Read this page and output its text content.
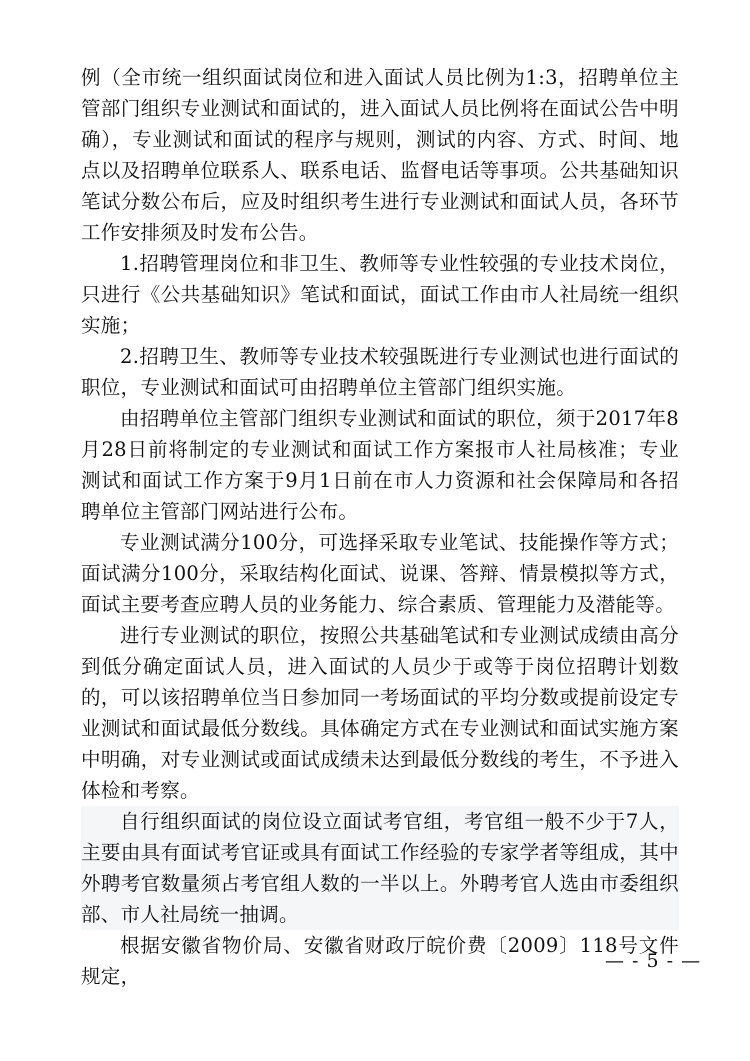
例（全市统一组织面试岗位和进入面试人员比例为1:3，招聘单位主管部门组织专业测试和面试的，进入面试人员比例将在面试公告中明确），专业测试和面试的程序与规则，测试的内容、方式、时间、地点以及招聘单位联系人、联系电话、监督电话等事项。公共基础知识笔试分数公布后，应及时组织考生进行专业测试和面试人员，各环节工作安排须及时发布公告。

1.招聘管理岗位和非卫生、教师等专业性较强的专业技术岗位，只进行《公共基础知识》笔试和面试，面试工作由市人社局统一组织实施；

2.招聘卫生、教师等专业技术较强既进行专业测试也进行面试的职位，专业测试和面试可由招聘单位主管部门组织实施。

由招聘单位主管部门组织专业测试和面试的职位，须于2017年8月28日前将制定的专业测试和面试工作方案报市人社局核准；专业测试和面试工作方案于9月1日前在市人力资源和社会保障局和各招聘单位主管部门网站进行公布。

专业测试满分100分，可选择采取专业笔试、技能操作等方式；面试满分100分，采取结构化面试、说课、答辩、情景模拟等方式，面试主要考查应聘人员的业务能力、综合素质、管理能力及潜能等。

进行专业测试的职位，按照公共基础笔试和专业测试成绩由高分到低分确定面试人员，进入面试的人员少于或等于岗位招聘计划数的，可以该招聘单位当日参加同一考场面试的平均分数或提前设定专业测试和面试最低分数线。具体确定方式在专业测试和面试实施方案中明确，对专业测试或面试成绩未达到最低分数线的考生，不予进入体检和考察。

自行组织面试的岗位设立面试考官组，考官组一般不少于7人，主要由具有面试考官证或具有面试工作经验的专家学者等组成，其中外聘考官数量须占考官组人数的一半以上。外聘考官人选由市委组织部、市人社局统一抽调。

根据安徽省物价局、安徽省财政厅皖价费〔2009〕118号文件规定，

— - 5 - —
